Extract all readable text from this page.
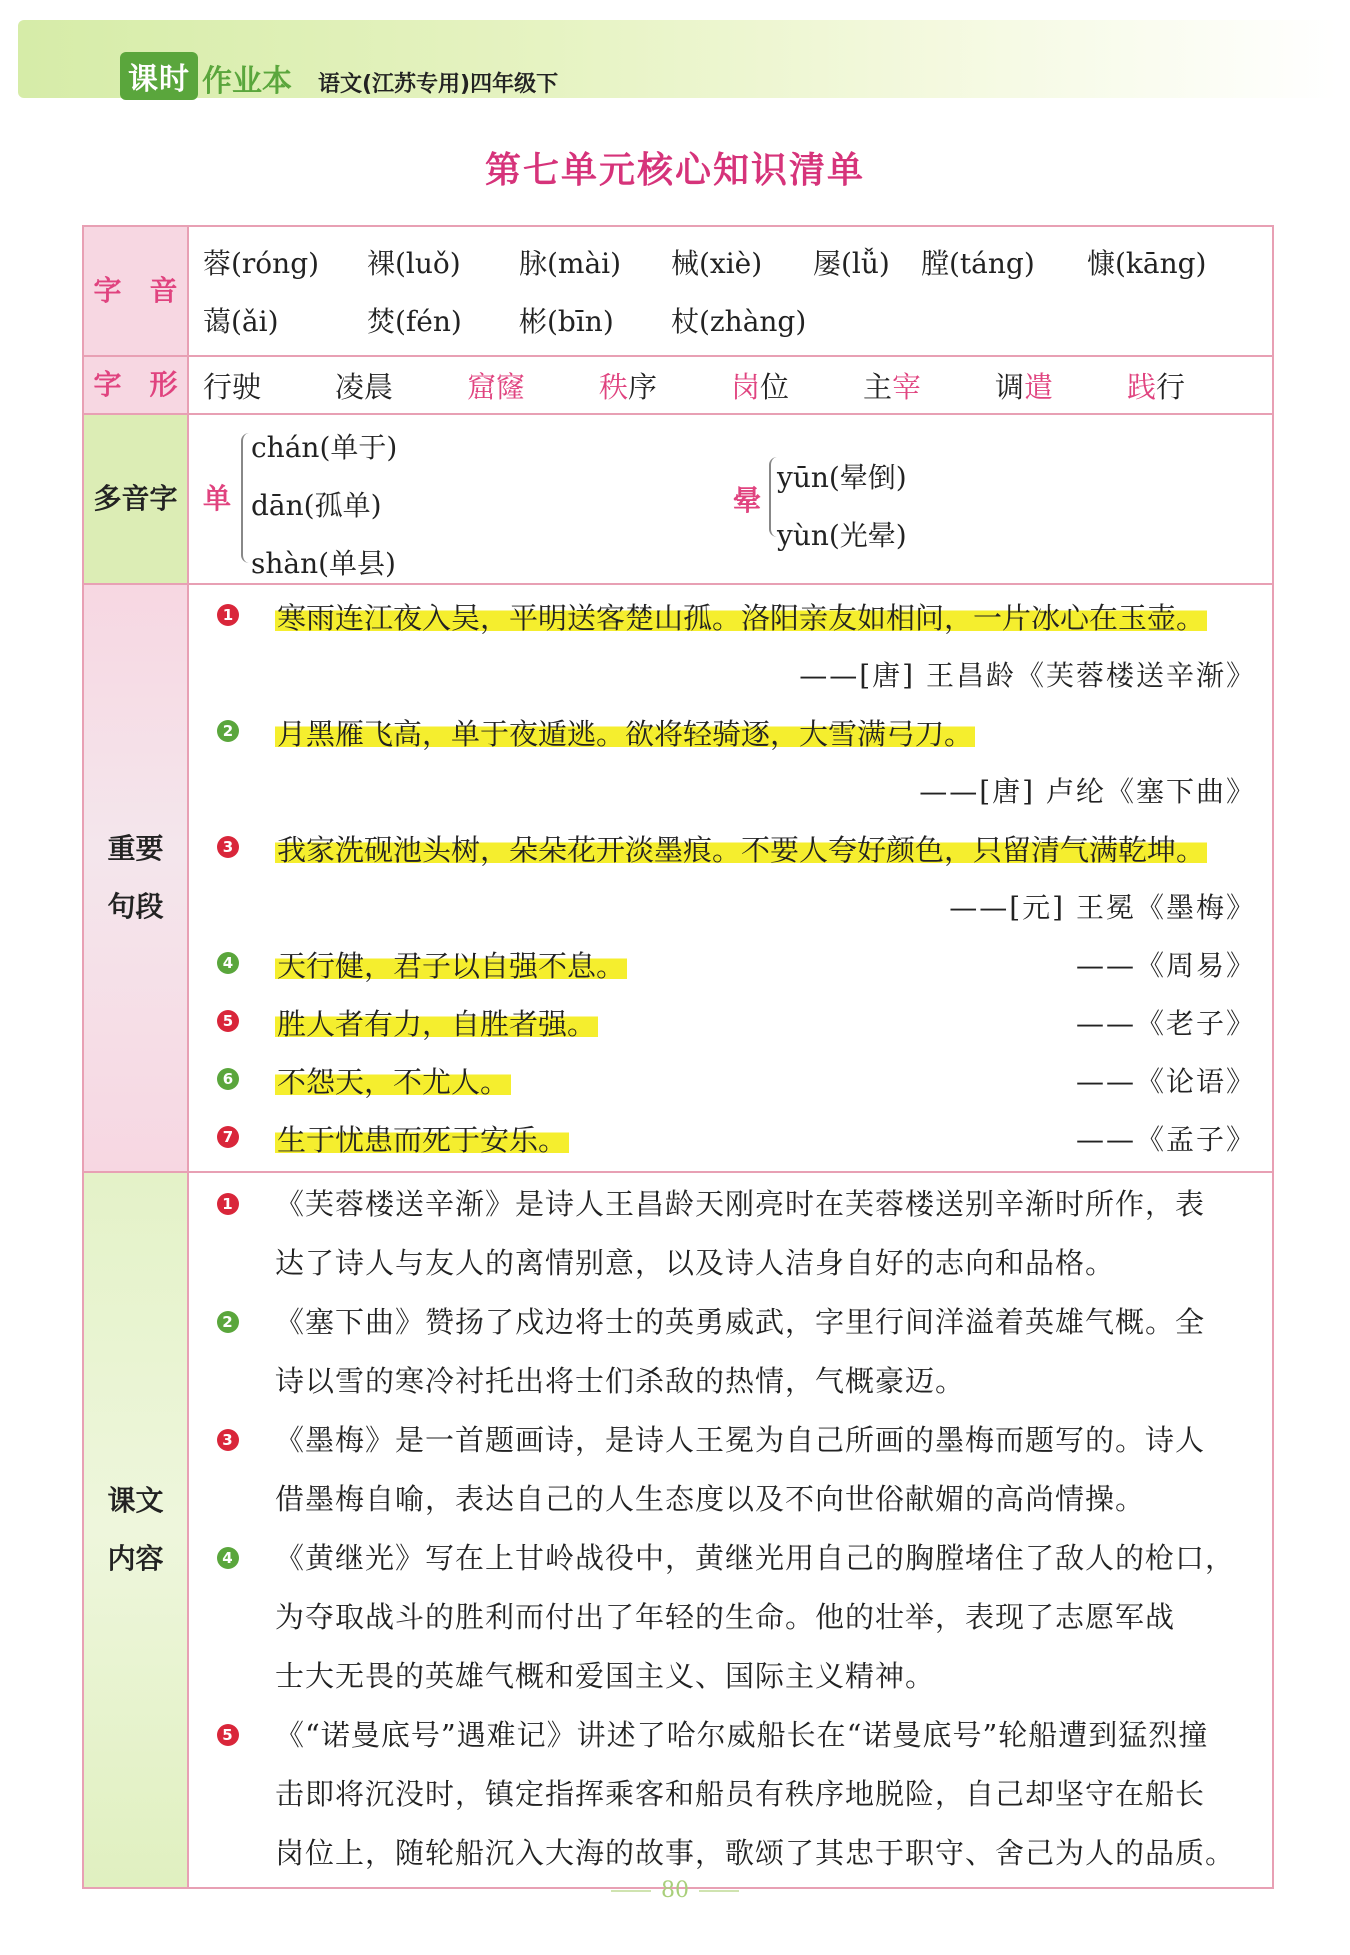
课时 作业本 语文(江苏专用)四年级下
第七单元核心知识清单
字　音
蓉(róng)	裸(luǒ)	脉(mài)	械(xiè)	屡(lǚ)	膛(táng)	慷(kāng)
蔼(ǎi)	焚(fén)	彬(bīn)	杖(zhàng)
字　形 行驶	凌晨	窟窿	秩序	岗位	主宰	调遣	践行
多音字 单
chán(单于)
dān(孤单)
shàn(单县)
晕
yūn(晕倒)
yùn(光晕)
重要
句段
1 寒雨连江夜入吴，平明送客楚山孤。洛阳亲友如相问，一片冰心在玉壶。
——[唐] 王昌龄《芙蓉楼送辛渐》
2 月黑雁飞高，单于夜遁逃。欲将轻骑逐，大雪满弓刀。
——[唐] 卢纶《塞下曲》
3 我家洗砚池头树，朵朵花开淡墨痕。不要人夸好颜色，只留清气满乾坤。
——[元] 王冕《墨梅》
4 天行健，君子以自强不息。	——《周易》
5 胜人者有力，自胜者强。	——《老子》
6 不怨天，不尤人。	——《论语》
7 生于忧患而死于安乐。	——《孟子》
课文
内容
1 《芙蓉楼送辛渐》是诗人王昌龄天刚亮时在芙蓉楼送别辛渐时所作，表
达了诗人与友人的离情别意，以及诗人洁身自好的志向和品格。
2 《塞下曲》赞扬了戍边将士的英勇威武，字里行间洋溢着英雄气概。全
诗以雪的寒冷衬托出将士们杀敌的热情，气概豪迈。
3 《墨梅》是一首题画诗，是诗人王冕为自己所画的墨梅而题写的。诗人
借墨梅自喻，表达自己的人生态度以及不向世俗献媚的高尚情操。
4 《黄继光》写在上甘岭战役中，黄继光用自己的胸膛堵住了敌人的枪口，
为夺取战斗的胜利而付出了年轻的生命。他的壮举，表现了志愿军战
士大无畏的英雄气概和爱国主义、国际主义精神。
5 《“诺曼底号”遇难记》讲述了哈尔威船长在“诺曼底号”轮船遭到猛烈撞
击即将沉没时，镇定指挥乘客和船员有秩序地脱险，自己却坚守在船长
岗位上，随轮船沉入大海的故事，歌颂了其忠于职守、舍己为人的品质。
80
